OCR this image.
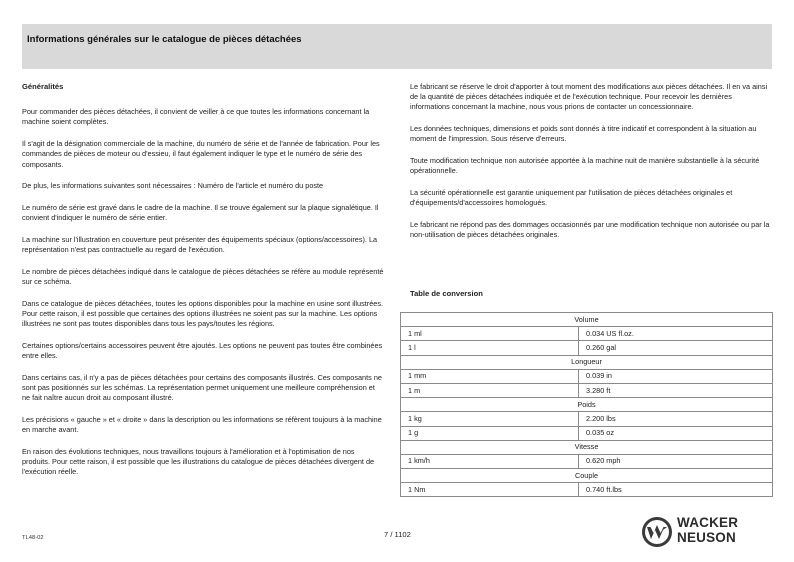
Informations générales sur le catalogue de pièces détachées
Généralités
Pour commander des pièces détachées, il convient de veiller à ce que toutes les informations concernant la machine soient complètes.
Il s'agit de la désignation commerciale de la machine, du numéro de série et de l'année de fabrication. Pour les commandes de pièces de moteur ou d'essieu, il faut également indiquer le type et le numéro de série des composants.
De plus, les informations suivantes sont nécessaires : Numéro de l'article et numéro du poste
Le numéro de série est gravé dans le cadre de la machine. Il se trouve également sur la plaque signalétique. Il convient d'indiquer le numéro de série entier.
La machine sur l'illustration en couverture peut présenter des équipements spéciaux (options/accessoires). La représentation n'est pas contractuelle au regard de l'exécution.
Le nombre de pièces détachées indiqué dans le catalogue de pièces détachées se réfère au module représenté sur ce schéma.
Dans ce catalogue de pièces détachées, toutes les options disponibles pour la machine en usine sont illustrées. Pour cette raison, il est possible que certaines des options illustrées ne soient pas sur la machine. Les options illustrées ne sont pas toutes disponibles dans tous les pays/toutes les régions.
Certaines options/certains accessoires peuvent être ajoutés. Les options ne peuvent pas toutes être combinées entre elles.
Dans certains cas, il n'y a pas de pièces détachées pour certains des composants illustrés. Ces composants ne sont pas positionnés sur les schémas. La représentation permet uniquement une meilleure compréhension et ne fait naître aucun droit au composant illustré.
Les précisions « gauche » et « droite » dans la description ou les informations se réfèrent toujours à la machine en marche avant.
En raison des évolutions techniques, nous travaillons toujours à l'amélioration et à l'optimisation de nos produits. Pour cette raison, il est possible que les illustrations du catalogue de pièces détachées divergent de l'exécution réelle.
Le fabricant se réserve le droit d'apporter à tout moment des modifications aux pièces détachées. Il en va ainsi de la quantité de pièces détachées indiquée et de l'exécution technique. Pour recevoir les dernières informations concernant la machine, nous vous prions de contacter un concessionnaire.
Les données techniques, dimensions et poids sont donnés à titre indicatif et correspondent à la situation au moment de l'impression. Sous réserve d'erreurs.
Toute modification technique non autorisée apportée à la machine nuit de manière substantielle à la sécurité opérationnelle.
La sécurité opérationnelle est garantie uniquement par l'utilisation de pièces détachées originales et d'équipements/d'accessoires homologués.
Le fabricant ne répond pas des dommages occasionnés par une modification technique non autorisée ou par la non-utilisation de pièces détachées originales.
Table de conversion
Volume	
1 ml	0.034 US fl.oz.
1 l	0.260 gal
Longueur	
1 mm	0.039 in
1 m	3.280 ft
Poids	
1 kg	2.200 lbs
1 g	0.035 oz
Vitesse	
1 km/h	0.620 mph
Couple	
1 Nm	0.740 ft.lbs
TL48-02	7 / 1102
WACKER
NEUSON
